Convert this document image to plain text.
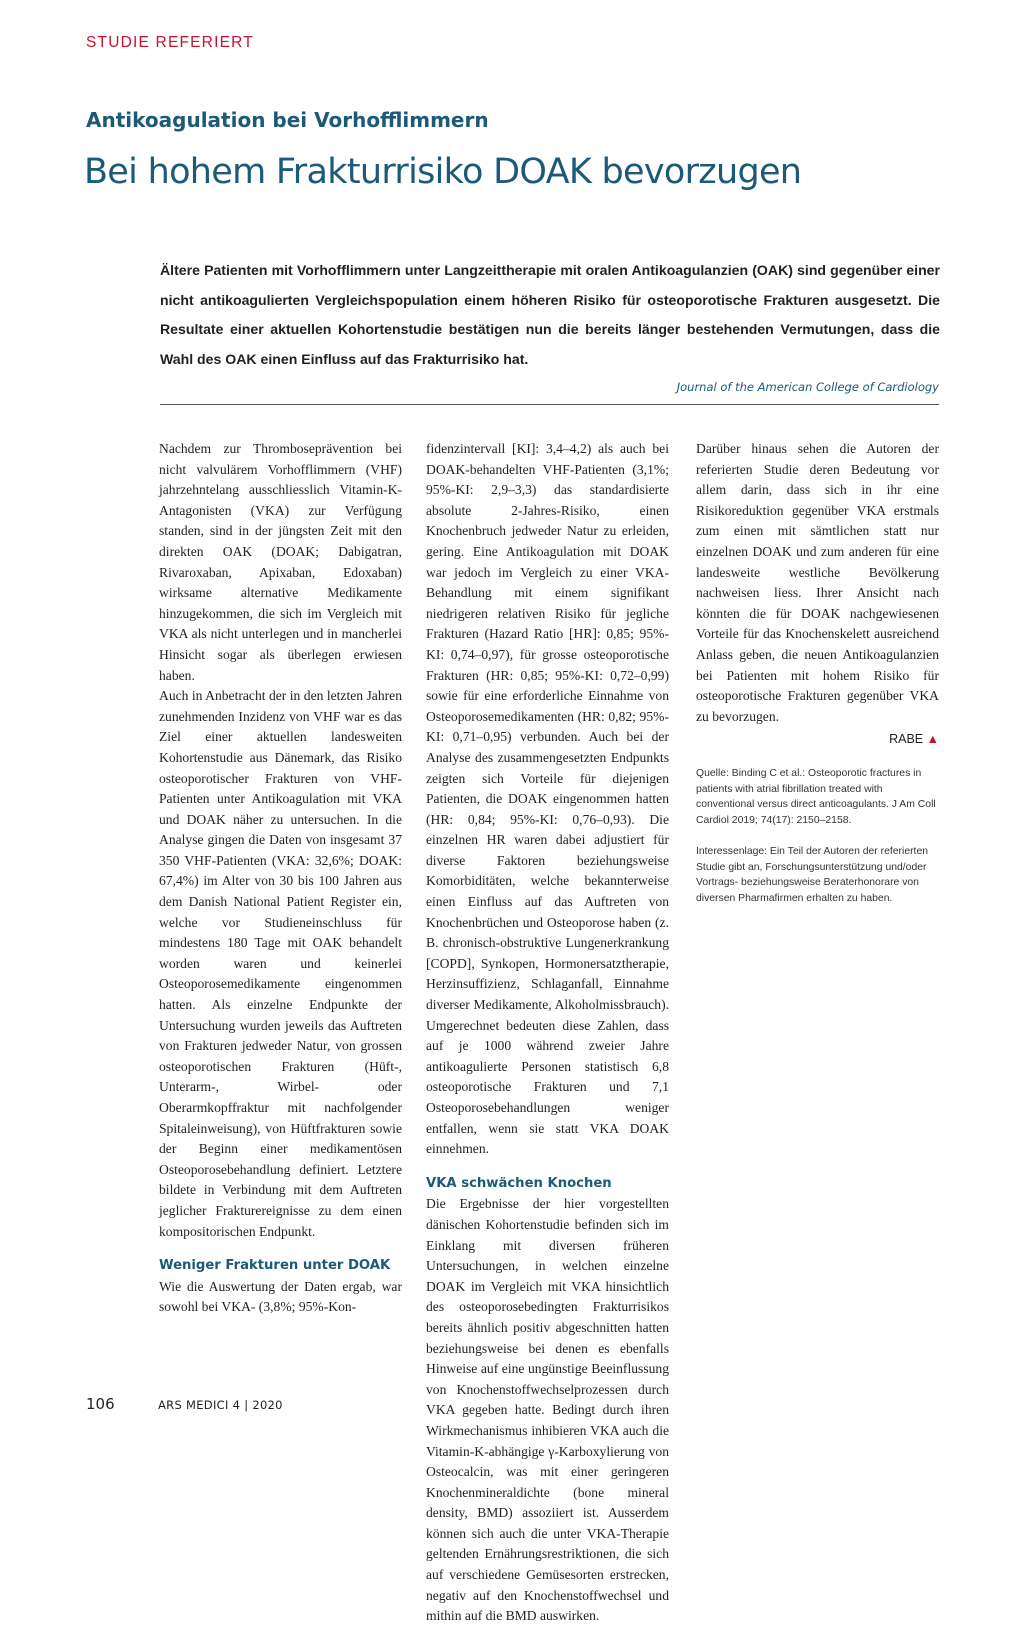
STUDIE REFERIERT
Antikoagulation bei Vorhofflimmern
Bei hohem Frakturrisiko DOAK bevorzugen
Ältere Patienten mit Vorhofflimmern unter Langzeittherapie mit oralen Antikoagulanzien (OAK) sind gegenüber einer nicht antikoagulierten Vergleichspopulation einem höheren Risiko für osteoporotische Frakturen ausgesetzt. Die Resultate einer aktuellen Kohortenstudie bestätigen nun die bereits länger bestehenden Vermutungen, dass die Wahl des OAK einen Einfluss auf das Frakturrisiko hat.
Journal of the American College of Cardiology

Nachdem zur Thromboseprävention bei nicht valvulärem Vorhofflimmern (VHF) jahrzehntelang ausschliesslich Vitamin-K-Antagonisten (VKA) zur Verfügung standen, sind in der jüngsten Zeit mit den direkten OAK (DOAK; Dabigatran, Rivaroxaban, Apixaban, Edoxaban) wirksame alternative Medikamente hinzugekommen, die sich im Vergleich mit VKA als nicht unterlegen und in mancherlei Hinsicht sogar als überlegen erwiesen haben.

Auch in Anbetracht der in den letzten Jahren zunehmenden Inzidenz von VHF war es das Ziel einer aktuellen landesweiten Kohortenstudie aus Dänemark, das Risiko osteoporotischer Frakturen von VHF-Patienten unter Antikoagulation mit VKA und DOAK näher zu untersuchen. In die Analyse gingen die Daten von insgesamt 37 350 VHF-Patienten (VKA: 32,6%; DOAK: 67,4%) im Alter von 30 bis 100 Jahren aus dem Danish National Patient Register ein, welche vor Studieneinschluss für mindestens 180 Tage mit OAK behandelt worden waren und keinerlei Osteoporosemedikamente eingenommen hatten. Als einzelne Endpunkte der Untersuchung wurden jeweils das Auftreten von Frakturen jedweder Natur, von grossen osteoporotischen Frakturen (Hüft-, Unterarm-, Wirbel- oder Oberarmkopffraktur mit nachfolgender Spitaleinweisung), von Hüftfrakturen sowie der Beginn einer medikamentösen Osteoporosebehandlung definiert. Letztere bildete in Verbindung mit dem Auftreten jeglicher Frakturereignisse zu dem einen kompositorischen Endpunkt.

Weniger Frakturen unter DOAK

Wie die Auswertung der Daten ergab, war sowohl bei VKA- (3,8%; 95%-Kon-

fidenzintervall [KI]: 3,4–4,2) als auch bei DOAK-behandelten VHF-Patienten (3,1%; 95%-KI: 2,9–3,3) das standardisierte absolute 2-Jahres-Risiko, einen Knochenbruch jedweder Natur zu erleiden, gering. Eine Antikoagulation mit DOAK war jedoch im Vergleich zu einer VKA-Behandlung mit einem signifikant niedrigeren relativen Risiko für jegliche Frakturen (Hazard Ratio [HR]: 0,85; 95%-KI: 0,74–0,97), für grosse osteoporotische Frakturen (HR: 0,85; 95%-KI: 0,72–0,99) sowie für eine erforderliche Einnahme von Osteoporosemedikamenten (HR: 0,82; 95%-KI: 0,71–0,95) verbunden. Auch bei der Analyse des zusammengesetzten Endpunkts zeigten sich Vorteile für diejenigen Patienten, die DOAK eingenommen hatten (HR: 0,84; 95%-KI: 0,76–0,93). Die einzelnen HR waren dabei adjustiert für diverse Faktoren beziehungsweise Komorbiditäten, welche bekannterweise einen Einfluss auf das Auftreten von Knochenbrüchen und Osteoporose haben (z. B. chronisch-obstruktive Lungenerkrankung [COPD], Synkopen, Hormonersatztherapie, Herzinsuffizienz, Schlaganfall, Einnahme diverser Medikamente, Alkoholmissbrauch). Umgerechnet bedeuten diese Zahlen, dass auf je 1000 während zweier Jahre antikoagulierte Personen statistisch 6,8 osteoporotische Frakturen und 7,1 Osteoporosebehandlungen weniger entfallen, wenn sie statt VKA DOAK einnehmen.

VKA schwächen Knochen

Die Ergebnisse der hier vorgestellten dänischen Kohortenstudie befinden sich im Einklang mit diversen früheren Untersuchungen, in welchen einzelne DOAK im Vergleich mit VKA hinsichtlich des osteoporosebedingten Frakturrisikos bereits ähnlich positiv abgeschnitten hatten beziehungsweise bei denen es ebenfalls Hinweise auf eine ungünstige Beeinflussung von Knochenstoffwechselprozessen durch VKA gegeben hatte. Bedingt durch ihren Wirkmechanismus inhibieren VKA auch die Vitamin-K-abhängige γ-Karboxylierung von Osteocalcin, was mit einer geringeren Knochenmineraldichte (bone mineral density, BMD) assoziiert ist. Ausserdem können sich auch die unter VKA-Therapie geltenden Ernährungsrestriktionen, die sich auf verschiedene Gemüsesorten erstrecken, negativ auf den Knochenstoffwechsel und mithin auf die BMD auswirken.

Darüber hinaus sehen die Autoren der referierten Studie deren Bedeutung vor allem darin, dass sich in ihr eine Risikoreduktion gegenüber VKA erstmals zum einen mit sämtlichen statt nur einzelnen DOAK und zum anderen für eine landesweite westliche Bevölkerung nachweisen liess. Ihrer Ansicht nach könnten die für DOAK nachgewiesenen Vorteile für das Knochenskelett ausreichend Anlass geben, die neuen Antikoagulanzien bei Patienten mit hohem Risiko für osteoporotische Frakturen gegenüber VKA zu bevorzugen.

RABE ▲
Quelle: Binding C et al.: Osteoporotic fractures in patients with atrial fibrillation treated with conventional versus direct anticoagulants. J Am Coll Cardiol 2019; 74(17): 2150–2158.
Interessenlage: Ein Teil der Autoren der referierten Studie gibt an, Forschungsunterstützung und/oder Vortrags- beziehungsweise Beraterhonorare von diversen Pharmafirmen erhalten zu haben.
106	ARS MEDICI 4 | 2020
